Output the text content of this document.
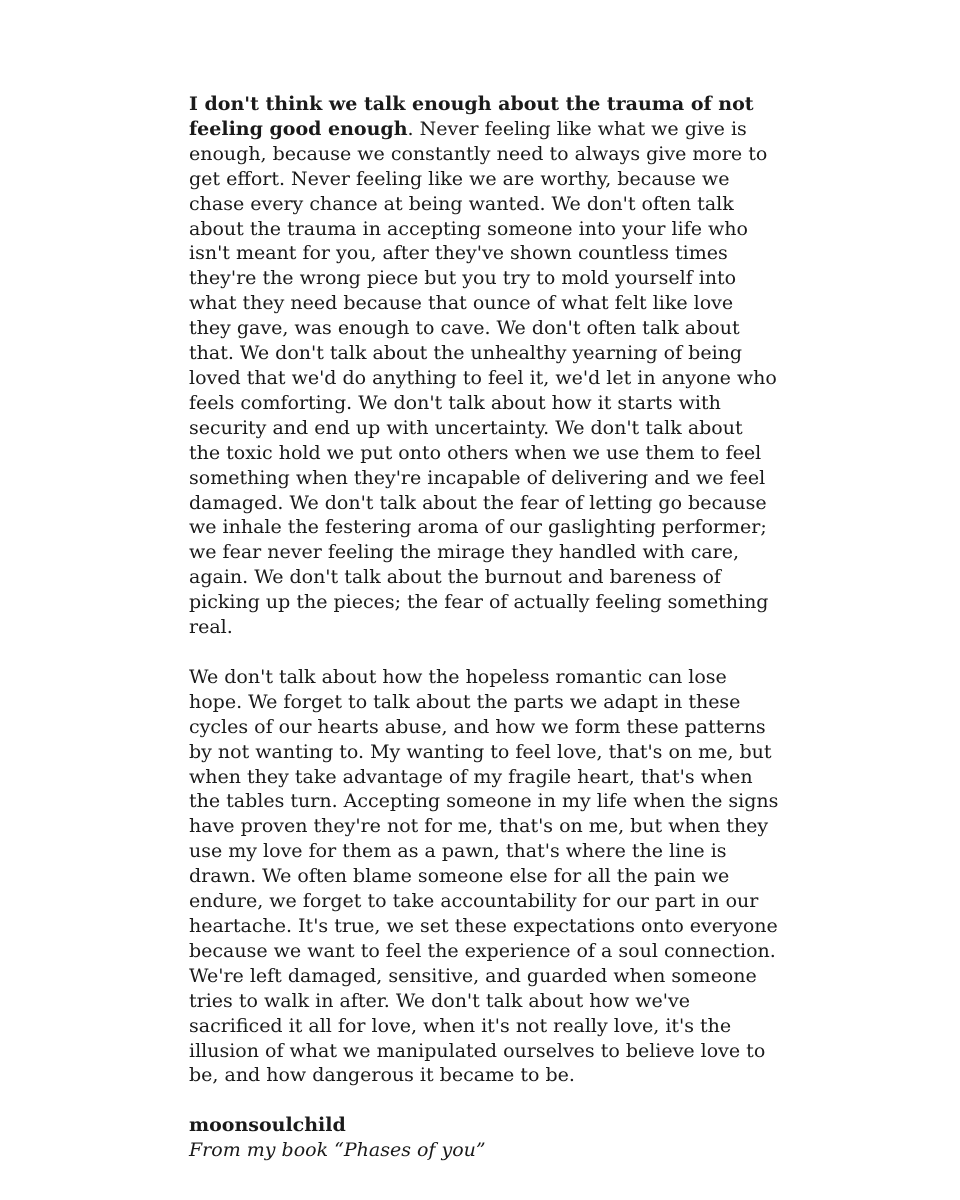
I don't think we talk enough about the trauma of not feeling good enough. Never feeling like what we give is enough, because we constantly need to always give more to get effort. Never feeling like we are worthy, because we chase every chance at being wanted. We don't often talk about the trauma in accepting someone into your life who isn't meant for you, after they've shown countless times they're the wrong piece but you try to mold yourself into what they need because that ounce of what felt like love they gave, was enough to cave. We don't often talk about that. We don't talk about the unhealthy yearning of being loved that we'd do anything to feel it, we'd let in anyone who feels comforting. We don't talk about how it starts with security and end up with uncertainty. We don't talk about the toxic hold we put onto others when we use them to feel something when they're incapable of delivering and we feel damaged. We don't talk about the fear of letting go because we inhale the festering aroma of our gaslighting performer; we fear never feeling the mirage they handled with care, again. We don't talk about the burnout and bareness of picking up the pieces; the fear of actually feeling something real.

We don't talk about how the hopeless romantic can lose hope. We forget to talk about the parts we adapt in these cycles of our hearts abuse, and how we form these patterns by not wanting to. My wanting to feel love, that's on me, but when they take advantage of my fragile heart, that's when the tables turn. Accepting someone in my life when the signs have proven they're not for me, that's on me, but when they use my love for them as a pawn, that's where the line is drawn. We often blame someone else for all the pain we endure, we forget to take accountability for our part in our heartache. It's true, we set these expectations onto everyone because we want to feel the experience of a soul connection. We're left damaged, sensitive, and guarded when someone tries to walk in after. We don't talk about how we've sacrificed it all for love, when it's not really love, it's the illusion of what we manipulated ourselves to believe love to be, and how dangerous it became to be.

moonsoulchild

From my book “Phases of you”
